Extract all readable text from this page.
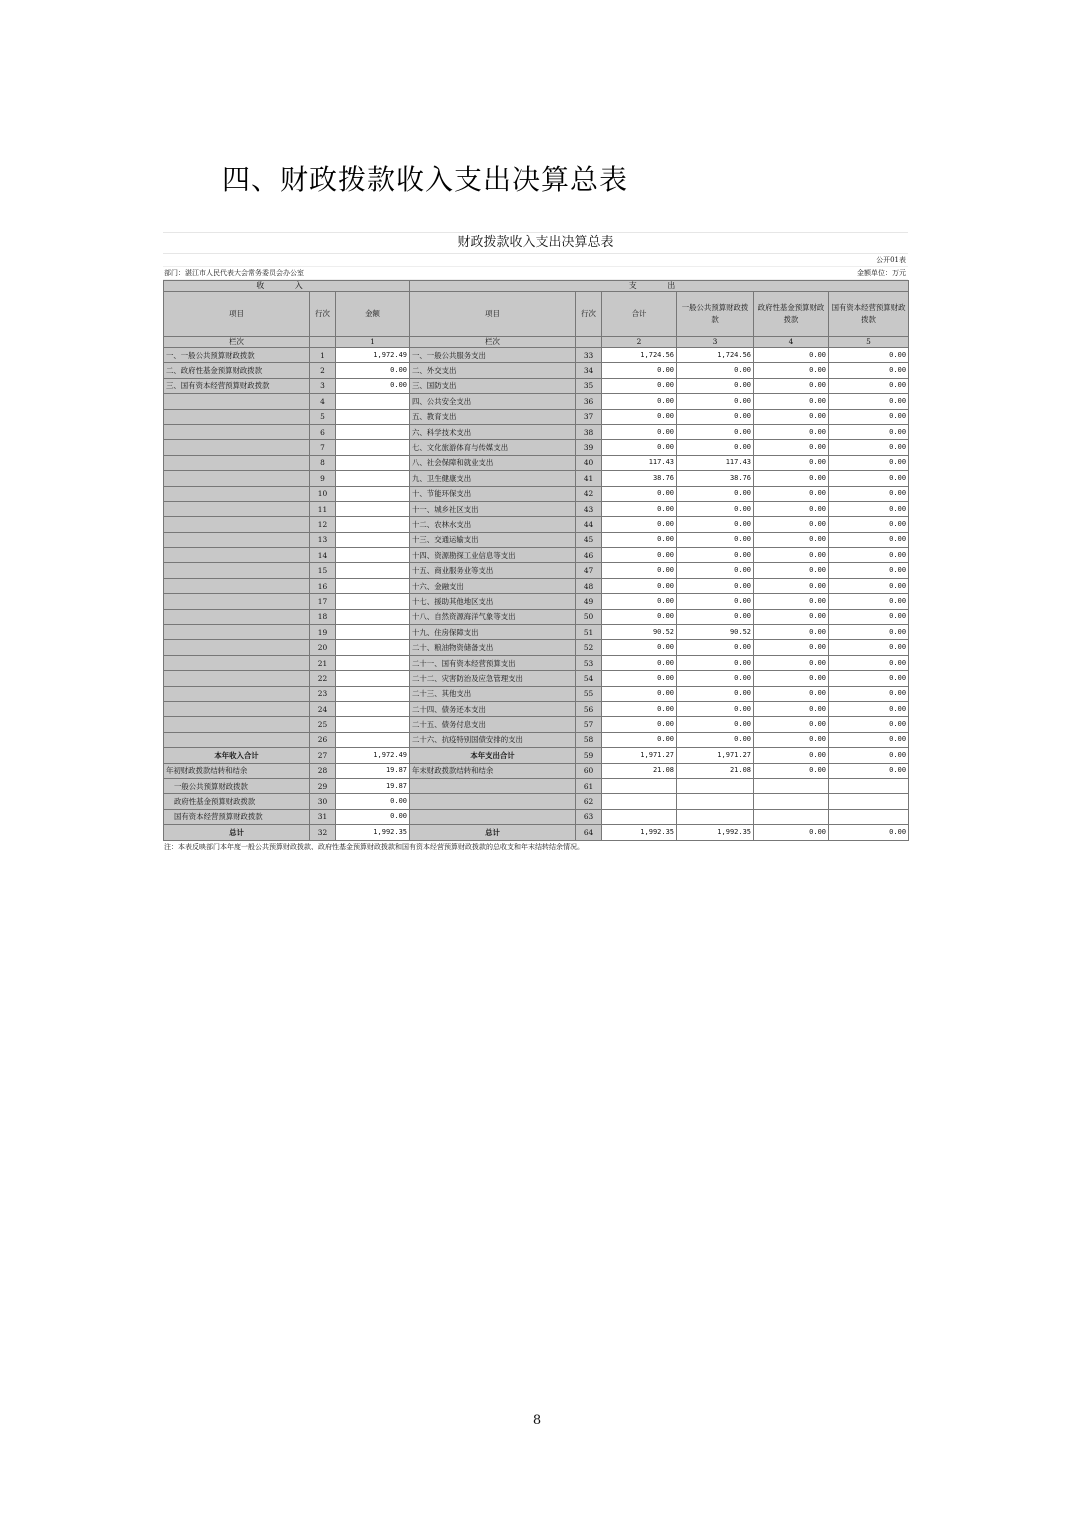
四、财政拨款收入支出决算总表
财政拨款收入支出决算总表
公开01表
部门：湛江市人民代表大会常务委员会办公室	金额单位：万元
收 入			支 出					
项目	行次	金额	项目	行次	合计	一般公共预算财政拨款	政府性基金预算财政拨款	国有资本经营预算财政拨款
栏次		1	栏次		2	3	4	5
一、一般公共预算财政拨款	1	1,972.49	一、一般公共服务支出	33	1,724.56	1,724.56	0.00	0.00
二、政府性基金预算财政拨款	2	0.00	二、外交支出	34	0.00	0.00	0.00	0.00
三、国有资本经营预算财政拨款	3	0.00	三、国防支出	35	0.00	0.00	0.00	0.00
	4		四、公共安全支出	36	0.00	0.00	0.00	0.00
	5		五、教育支出	37	0.00	0.00	0.00	0.00
	6		六、科学技术支出	38	0.00	0.00	0.00	0.00
	7		七、文化旅游体育与传媒支出	39	0.00	0.00	0.00	0.00
	8		八、社会保障和就业支出	40	117.43	117.43	0.00	0.00
	9		九、卫生健康支出	41	38.76	38.76	0.00	0.00
	10		十、节能环保支出	42	0.00	0.00	0.00	0.00
	11		十一、城乡社区支出	43	0.00	0.00	0.00	0.00
	12		十二、农林水支出	44	0.00	0.00	0.00	0.00
	13		十三、交通运输支出	45	0.00	0.00	0.00	0.00
	14		十四、资源勘探工业信息等支出	46	0.00	0.00	0.00	0.00
	15		十五、商业服务业等支出	47	0.00	0.00	0.00	0.00
	16		十六、金融支出	48	0.00	0.00	0.00	0.00
	17		十七、援助其他地区支出	49	0.00	0.00	0.00	0.00
	18		十八、自然资源海洋气象等支出	50	0.00	0.00	0.00	0.00
	19		十九、住房保障支出	51	90.52	90.52	0.00	0.00
	20		二十、粮油物资储备支出	52	0.00	0.00	0.00	0.00
	21		二十一、国有资本经营预算支出	53	0.00	0.00	0.00	0.00
	22		二十二、灾害防治及应急管理支出	54	0.00	0.00	0.00	0.00
	23		二十三、其他支出	55	0.00	0.00	0.00	0.00
	24		二十四、债务还本支出	56	0.00	0.00	0.00	0.00
	25		二十五、债务付息支出	57	0.00	0.00	0.00	0.00
	26		二十六、抗疫特别国债安排的支出	58	0.00	0.00	0.00	0.00
本年收入合计	27	1,972.49	本年支出合计	59	1,971.27	1,971.27	0.00	0.00
年初财政拨款结转和结余	28	19.87	年末财政拨款结转和结余	60	21.08	21.08	0.00	0.00
一般公共预算财政拨款	29	19.87		61				
政府性基金预算财政拨款	30	0.00		62				
国有资本经营预算财政拨款	31	0.00		63				
总计	32	1,992.35	总计	64	1,992.35	1,992.35	0.00	0.00
注：本表反映部门本年度一般公共预算财政拨款、政府性基金预算财政拨款和国有资本经营预算财政拨款的总收支和年末结转结余情况。
8
